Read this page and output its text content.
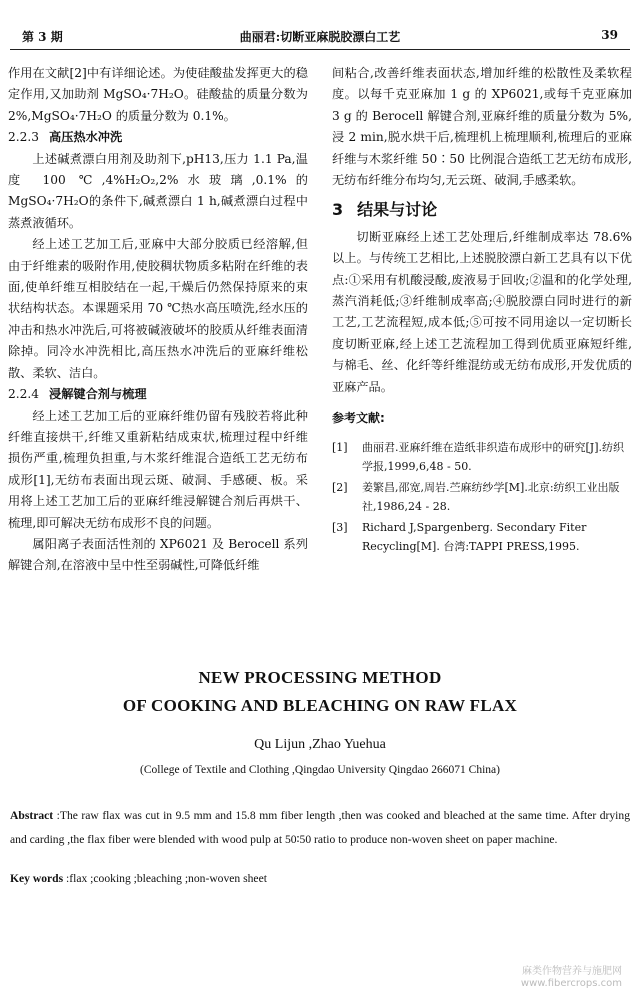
第 3 期	曲丽君:切断亚麻脱胶漂白工艺	39

作用在文献[2]中有详细论述。为使硅酸盐发挥更大的稳定作用,又加助剂 MgSO₄·7H₂O。硅酸盐的质量分数为 2%,MgSO₄·7H₂O 的质量分数为 0.1%。

2.2.3 高压热水冲洗

上述碱煮漂白用剂及助剂下,pH13,压力 1.1 Pa,温度 100 ℃,4%H₂O₂,2%水玻璃,0.1%的 MgSO₄·7H₂O的条件下,碱煮漂白 1 h,碱煮漂白过程中蒸煮液循环。

经上述工艺加工后,亚麻中大部分胶质已经溶解,但由于纤维素的吸附作用,使胶稠状物质多粘附在纤维的表面,使单纤维互相胶结在一起,干燥后仍然保持原来的束状结构状态。本课题采用 70 ℃热水高压喷洗,经水压的冲击和热水冲洗后,可将被碱液破坏的胶质从纤维表面清除掉。同冷水冲洗相比,高压热水冲洗后的亚麻纤维松散、柔软、洁白。

2.2.4 浸解键合剂与梳理

经上述工艺加工后的亚麻纤维仍留有残胶若将此种纤维直接烘干,纤维又重新粘结成束状,梳理过程中纤维损伤严重,梳理负担重,与木浆纤维混合造纸工艺无纺布成形[1],无纺布表面出现云斑、破洞、手感硬、板。采用将上述工艺加工后的亚麻纤维浸解键合剂后再烘干、梳理,即可解决无纺布成形不良的问题。

属阳离子表面活性剂的 XP6021 及 Berocell 系列解键合剂,在溶液中呈中性至弱碱性,可降低纤维

间粘合,改善纤维表面状态,增加纤维的松散性及柔软程度。以每千克亚麻加 1 g 的 XP6021,或每千克亚麻加 3 g 的 Berocell 解键合剂,亚麻纤维的质量分数为 5%,浸 2 min,脱水烘干后,梳理机上梳理顺利,梳理后的亚麻纤维与木浆纤维 50∶50 比例混合造纸工艺无纺布成形,无纺布纤维分布均匀,无云斑、破洞,手感柔软。

3 结果与讨论

切断亚麻经上述工艺处理后,纤维制成率达 78.6%以上。与传统工艺相比,上述脱胶漂白新工艺具有以下优点:①采用有机酸浸酸,废液易于回收;②温和的化学处理,蒸汽消耗低;③纤维制成率高;④脱胶漂白同时进行的新工艺,工艺流程短,成本低;⑤可按不同用途以一定切断长度切断亚麻,经上述工艺流程加工得到优质亚麻短纤维,与棉毛、丝、化纤等纤维混纺或无纺布成形,开发优质的亚麻产品。

参考文献:
[1] 曲丽君.亚麻纤维在造纸非织造布成形中的研究[J].纺织学报,1999,6,48 - 50.
[2] 姜繁昌,邵宽,周岩.苎麻纺纱学[M].北京:纺织工业出版社,1986,24 - 28.
[3] Richard J,Spargenberg. Secondary Fiter Recycling[M]. 台湾:TAPPI PRESS,1995.
NEW PROCESSING METHOD
OF COOKING AND BLEACHING ON RAW FLAX
Qu Lijun ,Zhao Yuehua
(College of Textile and Clothing ,Qingdao University Qingdao 266071 China)
Abstract :The raw flax was cut in 9.5 mm and 15.8 mm fiber length ,then was cooked and bleached at the same time. After drying and carding ,the flax fiber were blended with wood pulp at 50∶50 ratio to produce non-woven sheet on paper machine.
Key words :flax ;cooking ;bleaching ;non-woven sheet
麻类作物营养与施肥网
www.fibercrops.com
